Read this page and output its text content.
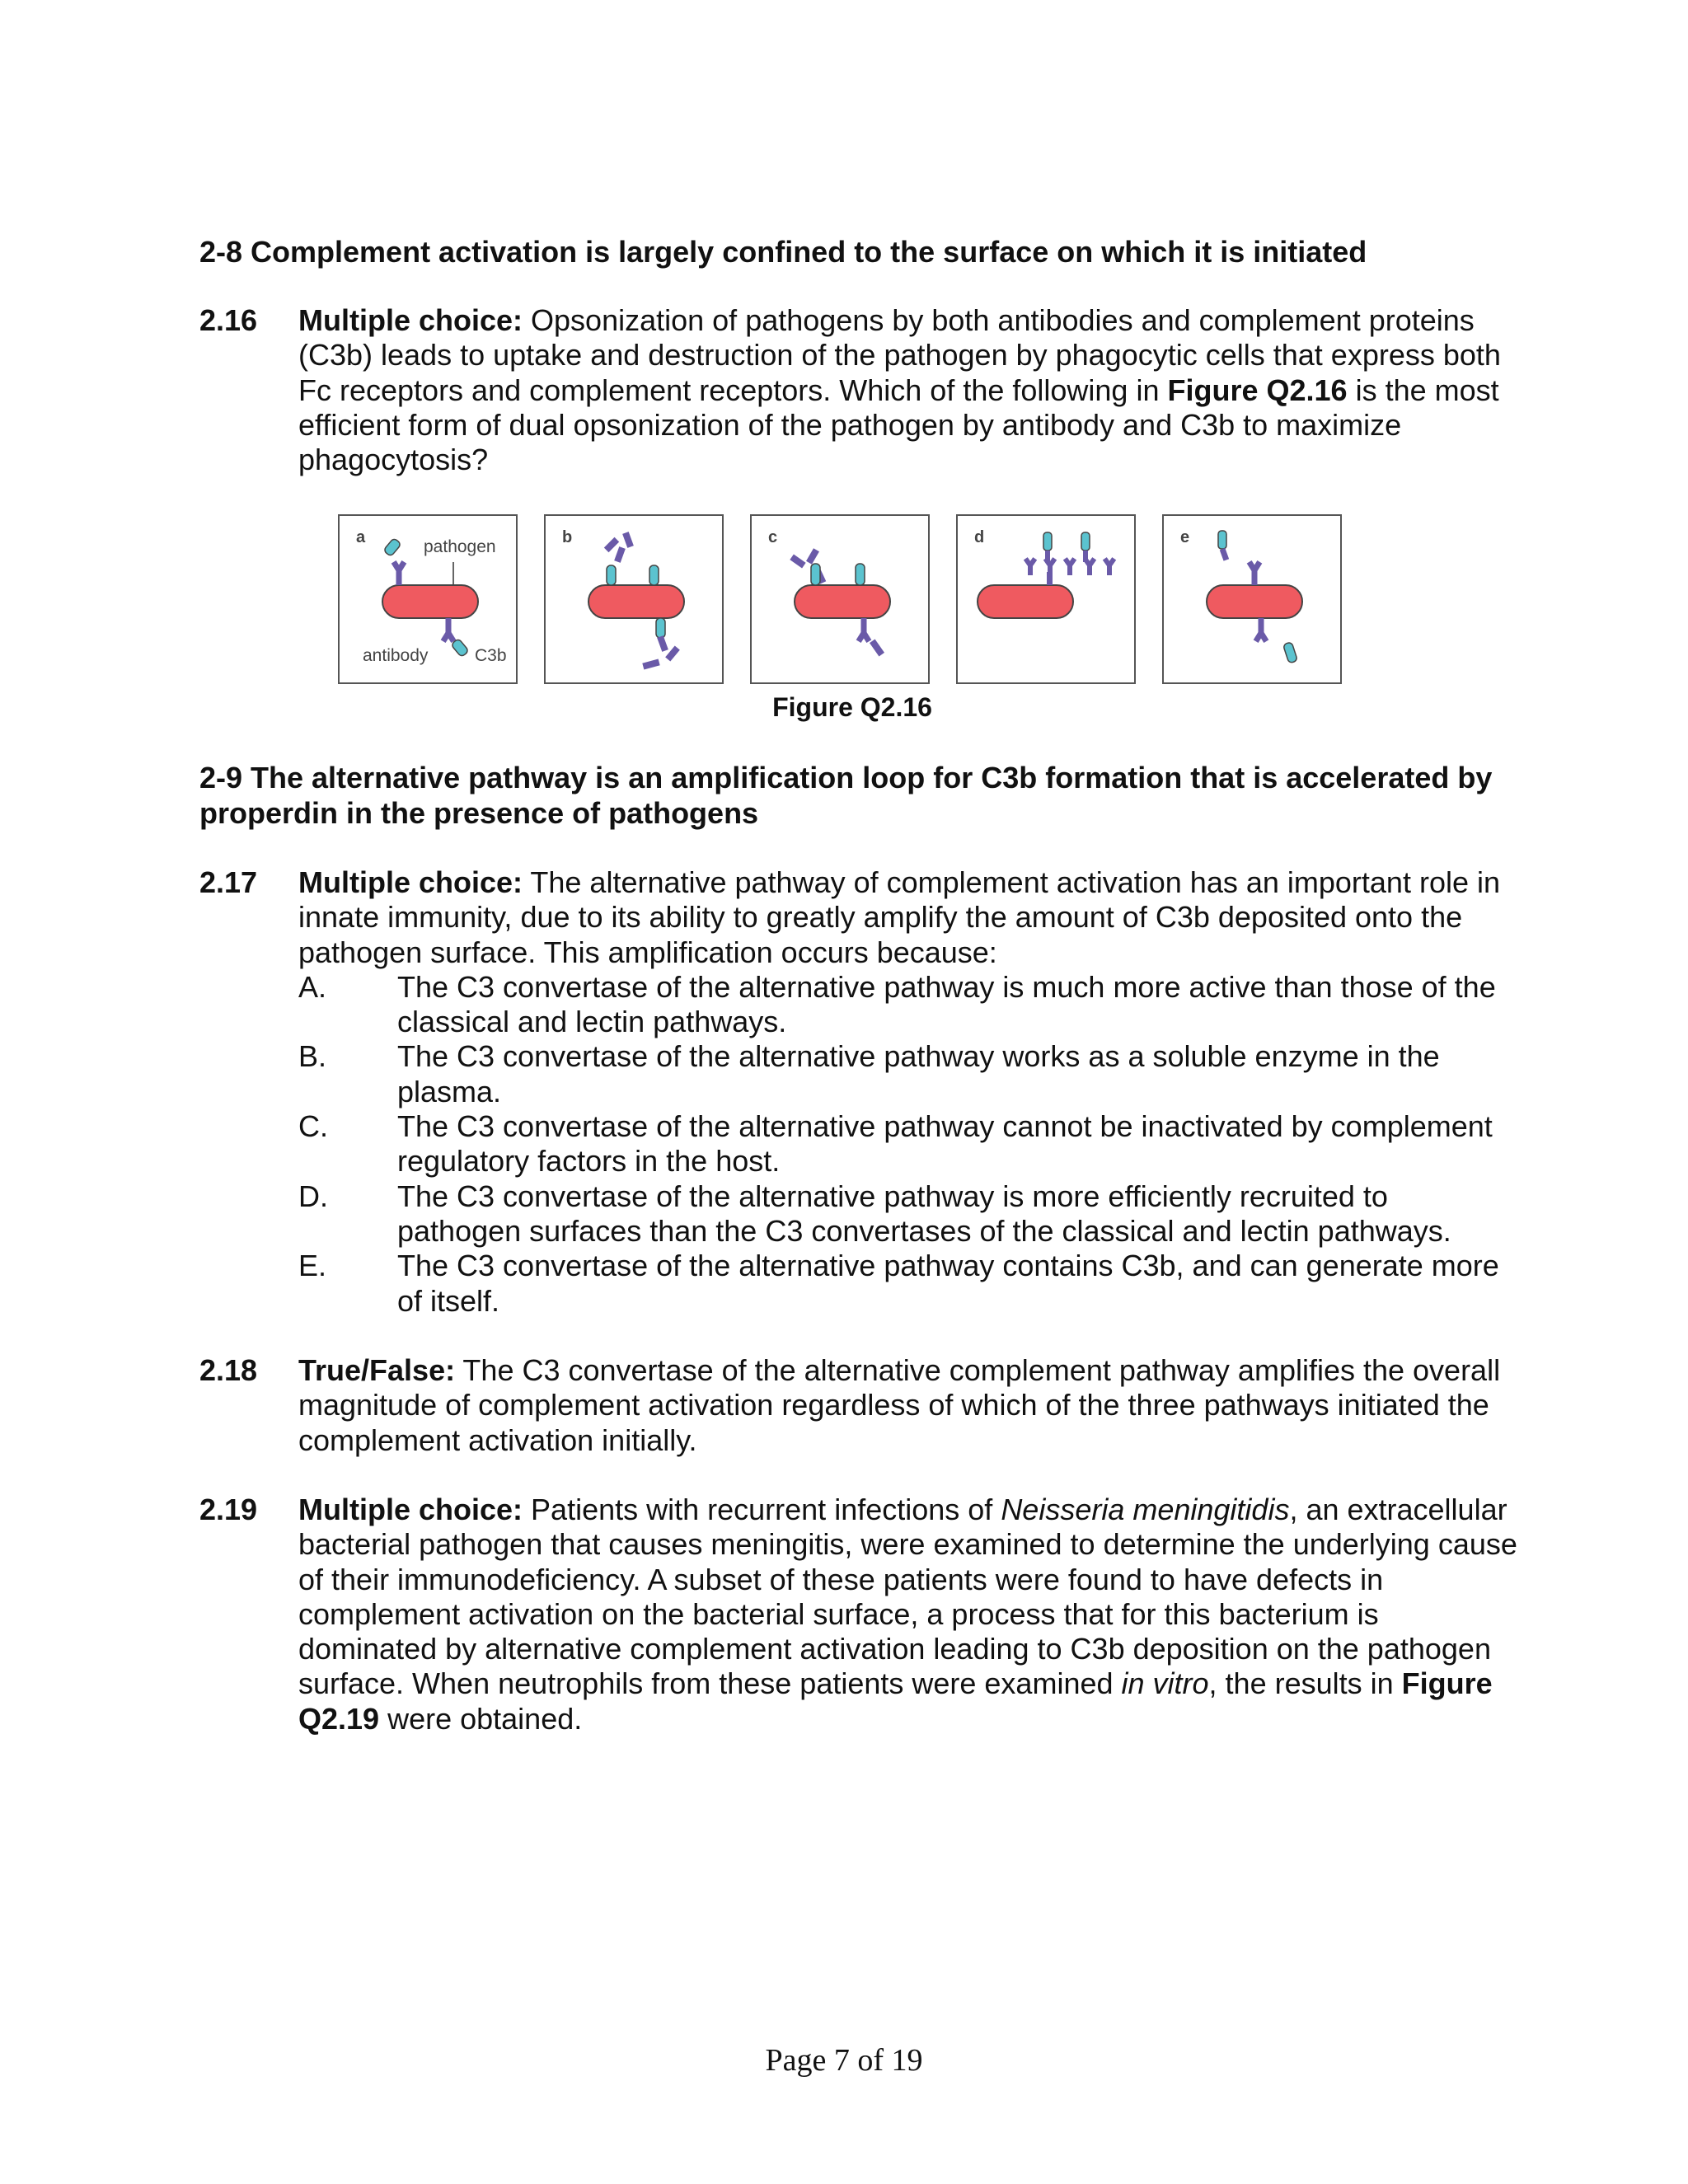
2-8 Complement activation is largely confined to the surface on which it is initiated
2.16 Multiple choice: Opsonization of pathogens by both antibodies and complement proteins (C3b) leads to uptake and destruction of the pathogen by phagocytic cells that express both Fc receptors and complement receptors. Which of the following in Figure Q2.16 is the most efficient form of dual opsonization of the pathogen by antibody and C3b to maximize phagocytosis?
a	pathogen
antibody	C3b
b	c	d	e
Figure Q2.16
2-9 The alternative pathway is an amplification loop for C3b formation that is accelerated by properdin in the presence of pathogens
2.17 Multiple choice: The alternative pathway of complement activation has an important role in innate immunity, due to its ability to greatly amplify the amount of C3b deposited onto the pathogen surface. This amplification occurs because:
A. The C3 convertase of the alternative pathway is much more active than those of the classical and lectin pathways.
B. The C3 convertase of the alternative pathway works as a soluble enzyme in the plasma.
C. The C3 convertase of the alternative pathway cannot be inactivated by complement regulatory factors in the host.
D. The C3 convertase of the alternative pathway is more efficiently recruited to pathogen surfaces than the C3 convertases of the classical and lectin pathways.
E. The C3 convertase of the alternative pathway contains C3b, and can generate more of itself.
2.18 True/False: The C3 convertase of the alternative complement pathway amplifies the overall magnitude of complement activation regardless of which of the three pathways initiated the complement activation initially.
2.19 Multiple choice: Patients with recurrent infections of Neisseria meningitidis, an extracellular bacterial pathogen that causes meningitis, were examined to determine the underlying cause of their immunodeficiency. A subset of these patients were found to have defects in complement activation on the bacterial surface, a process that for this bacterium is dominated by alternative complement activation leading to C3b deposition on the pathogen surface. When neutrophils from these patients were examined in vitro, the results in Figure Q2.19 were obtained.
Page 7 of 19
